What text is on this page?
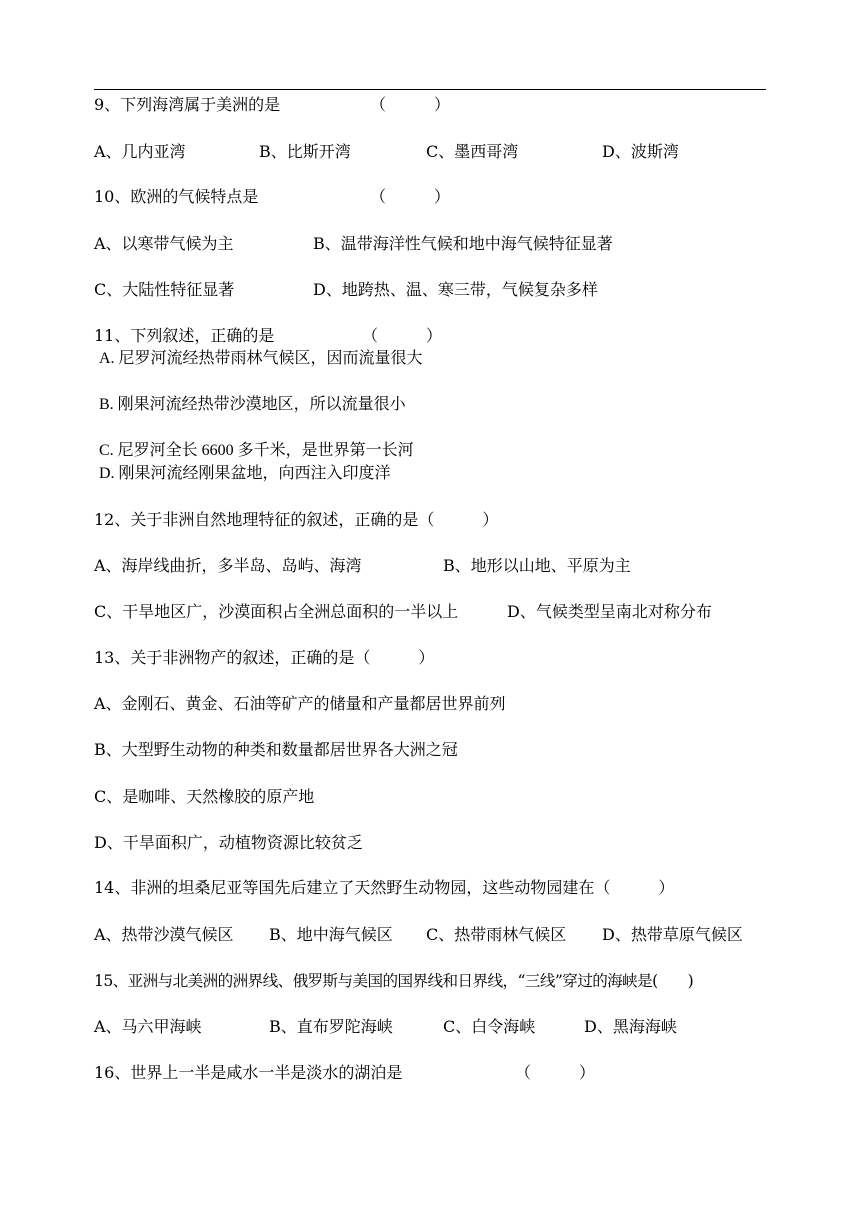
9、下列海湾属于美洲的是	（　　　）
A、几内亚湾	B、比斯开湾	C、墨西哥湾	D、波斯湾
10、欧洲的气候特点是	（　　　）
A、以寒带气候为主	B、温带海洋性气候和地中海气候特征显著
C、大陆性特征显著	D、地跨热、温、寒三带，气候复杂多样
11、下列叙述，正确的是	（　　　）
A. 尼罗河流经热带雨林气候区，因而流量很大
B. 刚果河流经热带沙漠地区，所以流量很小
C. 尼罗河全长 6600 多千米，是世界第一长河
D. 刚果河流经刚果盆地，向西注入印度洋
12、关于非洲自然地理特征的叙述，正确的是（　　　）
A、海岸线曲折，多半岛、岛屿、海湾	B、地形以山地、平原为主
C、干旱地区广，沙漠面积占全洲总面积的一半以上	D、气候类型呈南北对称分布
13、关于非洲物产的叙述，正确的是（　　　）
A、金刚石、黄金、石油等矿产的储量和产量都居世界前列
B、大型野生动物的种类和数量都居世界各大洲之冠
C、是咖啡、天然橡胶的原产地
D、干旱面积广，动植物资源比较贫乏
14、非洲的坦桑尼亚等国先后建立了天然野生动物园，这些动物园建在（　　　）
A、热带沙漠气候区 B、地中海气候区 C、热带雨林气候区 D、热带草原气候区
15、亚洲与北美洲的洲界线、俄罗斯与美国的国界线和日界线，“三线”穿过的海峡是(　　)
A、马六甲海峡	B、直布罗陀海峡	C、白令海峡	D、黑海海峡
16、世界上一半是咸水一半是淡水的湖泊是	（　　　）
